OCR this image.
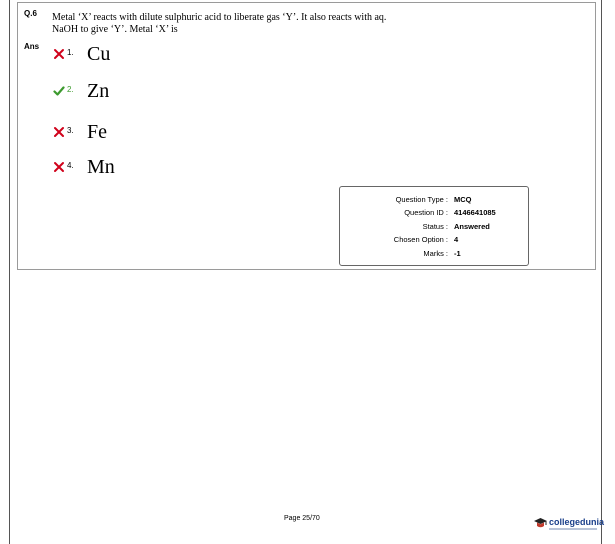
Q.6 Metal ‘X’ reacts with dilute sulphuric acid to liberate gas ‘Y’. It also reacts with aq.
NaOH to give ‘Y’. Metal ‘X’ is
Ans
1. Cu
2. Zn
3. Fe
4. Mn
Question Type : MCQ
Question ID : 4146641085
Status : Answered
Chosen Option : 4
Marks : -1
Page 25/70	collegedunia
